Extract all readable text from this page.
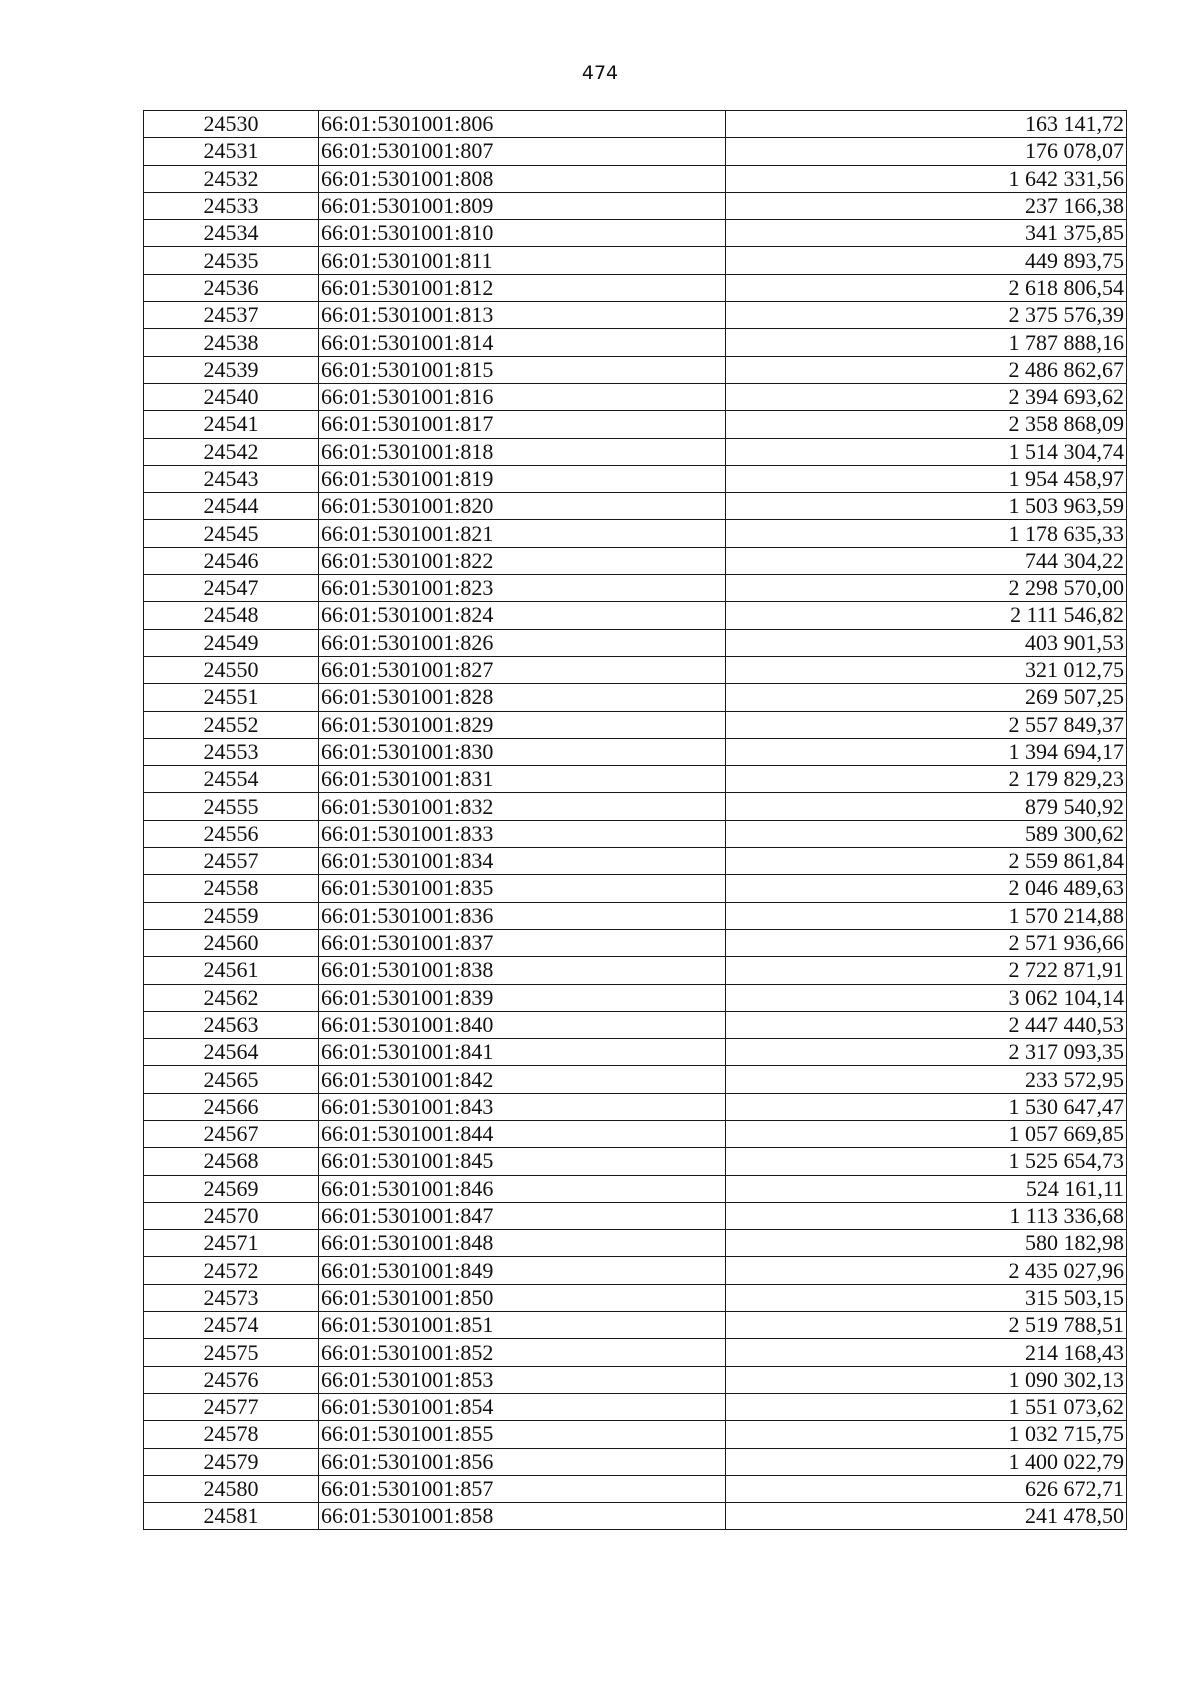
474
24530	66:01:5301001:806	163 141,72
24531	66:01:5301001:807	176 078,07
24532	66:01:5301001:808	1 642 331,56
24533	66:01:5301001:809	237 166,38
24534	66:01:5301001:810	341 375,85
24535	66:01:5301001:811	449 893,75
24536	66:01:5301001:812	2 618 806,54
24537	66:01:5301001:813	2 375 576,39
24538	66:01:5301001:814	1 787 888,16
24539	66:01:5301001:815	2 486 862,67
24540	66:01:5301001:816	2 394 693,62
24541	66:01:5301001:817	2 358 868,09
24542	66:01:5301001:818	1 514 304,74
24543	66:01:5301001:819	1 954 458,97
24544	66:01:5301001:820	1 503 963,59
24545	66:01:5301001:821	1 178 635,33
24546	66:01:5301001:822	744 304,22
24547	66:01:5301001:823	2 298 570,00
24548	66:01:5301001:824	2 111 546,82
24549	66:01:5301001:826	403 901,53
24550	66:01:5301001:827	321 012,75
24551	66:01:5301001:828	269 507,25
24552	66:01:5301001:829	2 557 849,37
24553	66:01:5301001:830	1 394 694,17
24554	66:01:5301001:831	2 179 829,23
24555	66:01:5301001:832	879 540,92
24556	66:01:5301001:833	589 300,62
24557	66:01:5301001:834	2 559 861,84
24558	66:01:5301001:835	2 046 489,63
24559	66:01:5301001:836	1 570 214,88
24560	66:01:5301001:837	2 571 936,66
24561	66:01:5301001:838	2 722 871,91
24562	66:01:5301001:839	3 062 104,14
24563	66:01:5301001:840	2 447 440,53
24564	66:01:5301001:841	2 317 093,35
24565	66:01:5301001:842	233 572,95
24566	66:01:5301001:843	1 530 647,47
24567	66:01:5301001:844	1 057 669,85
24568	66:01:5301001:845	1 525 654,73
24569	66:01:5301001:846	524 161,11
24570	66:01:5301001:847	1 113 336,68
24571	66:01:5301001:848	580 182,98
24572	66:01:5301001:849	2 435 027,96
24573	66:01:5301001:850	315 503,15
24574	66:01:5301001:851	2 519 788,51
24575	66:01:5301001:852	214 168,43
24576	66:01:5301001:853	1 090 302,13
24577	66:01:5301001:854	1 551 073,62
24578	66:01:5301001:855	1 032 715,75
24579	66:01:5301001:856	1 400 022,79
24580	66:01:5301001:857	626 672,71
24581	66:01:5301001:858	241 478,50
